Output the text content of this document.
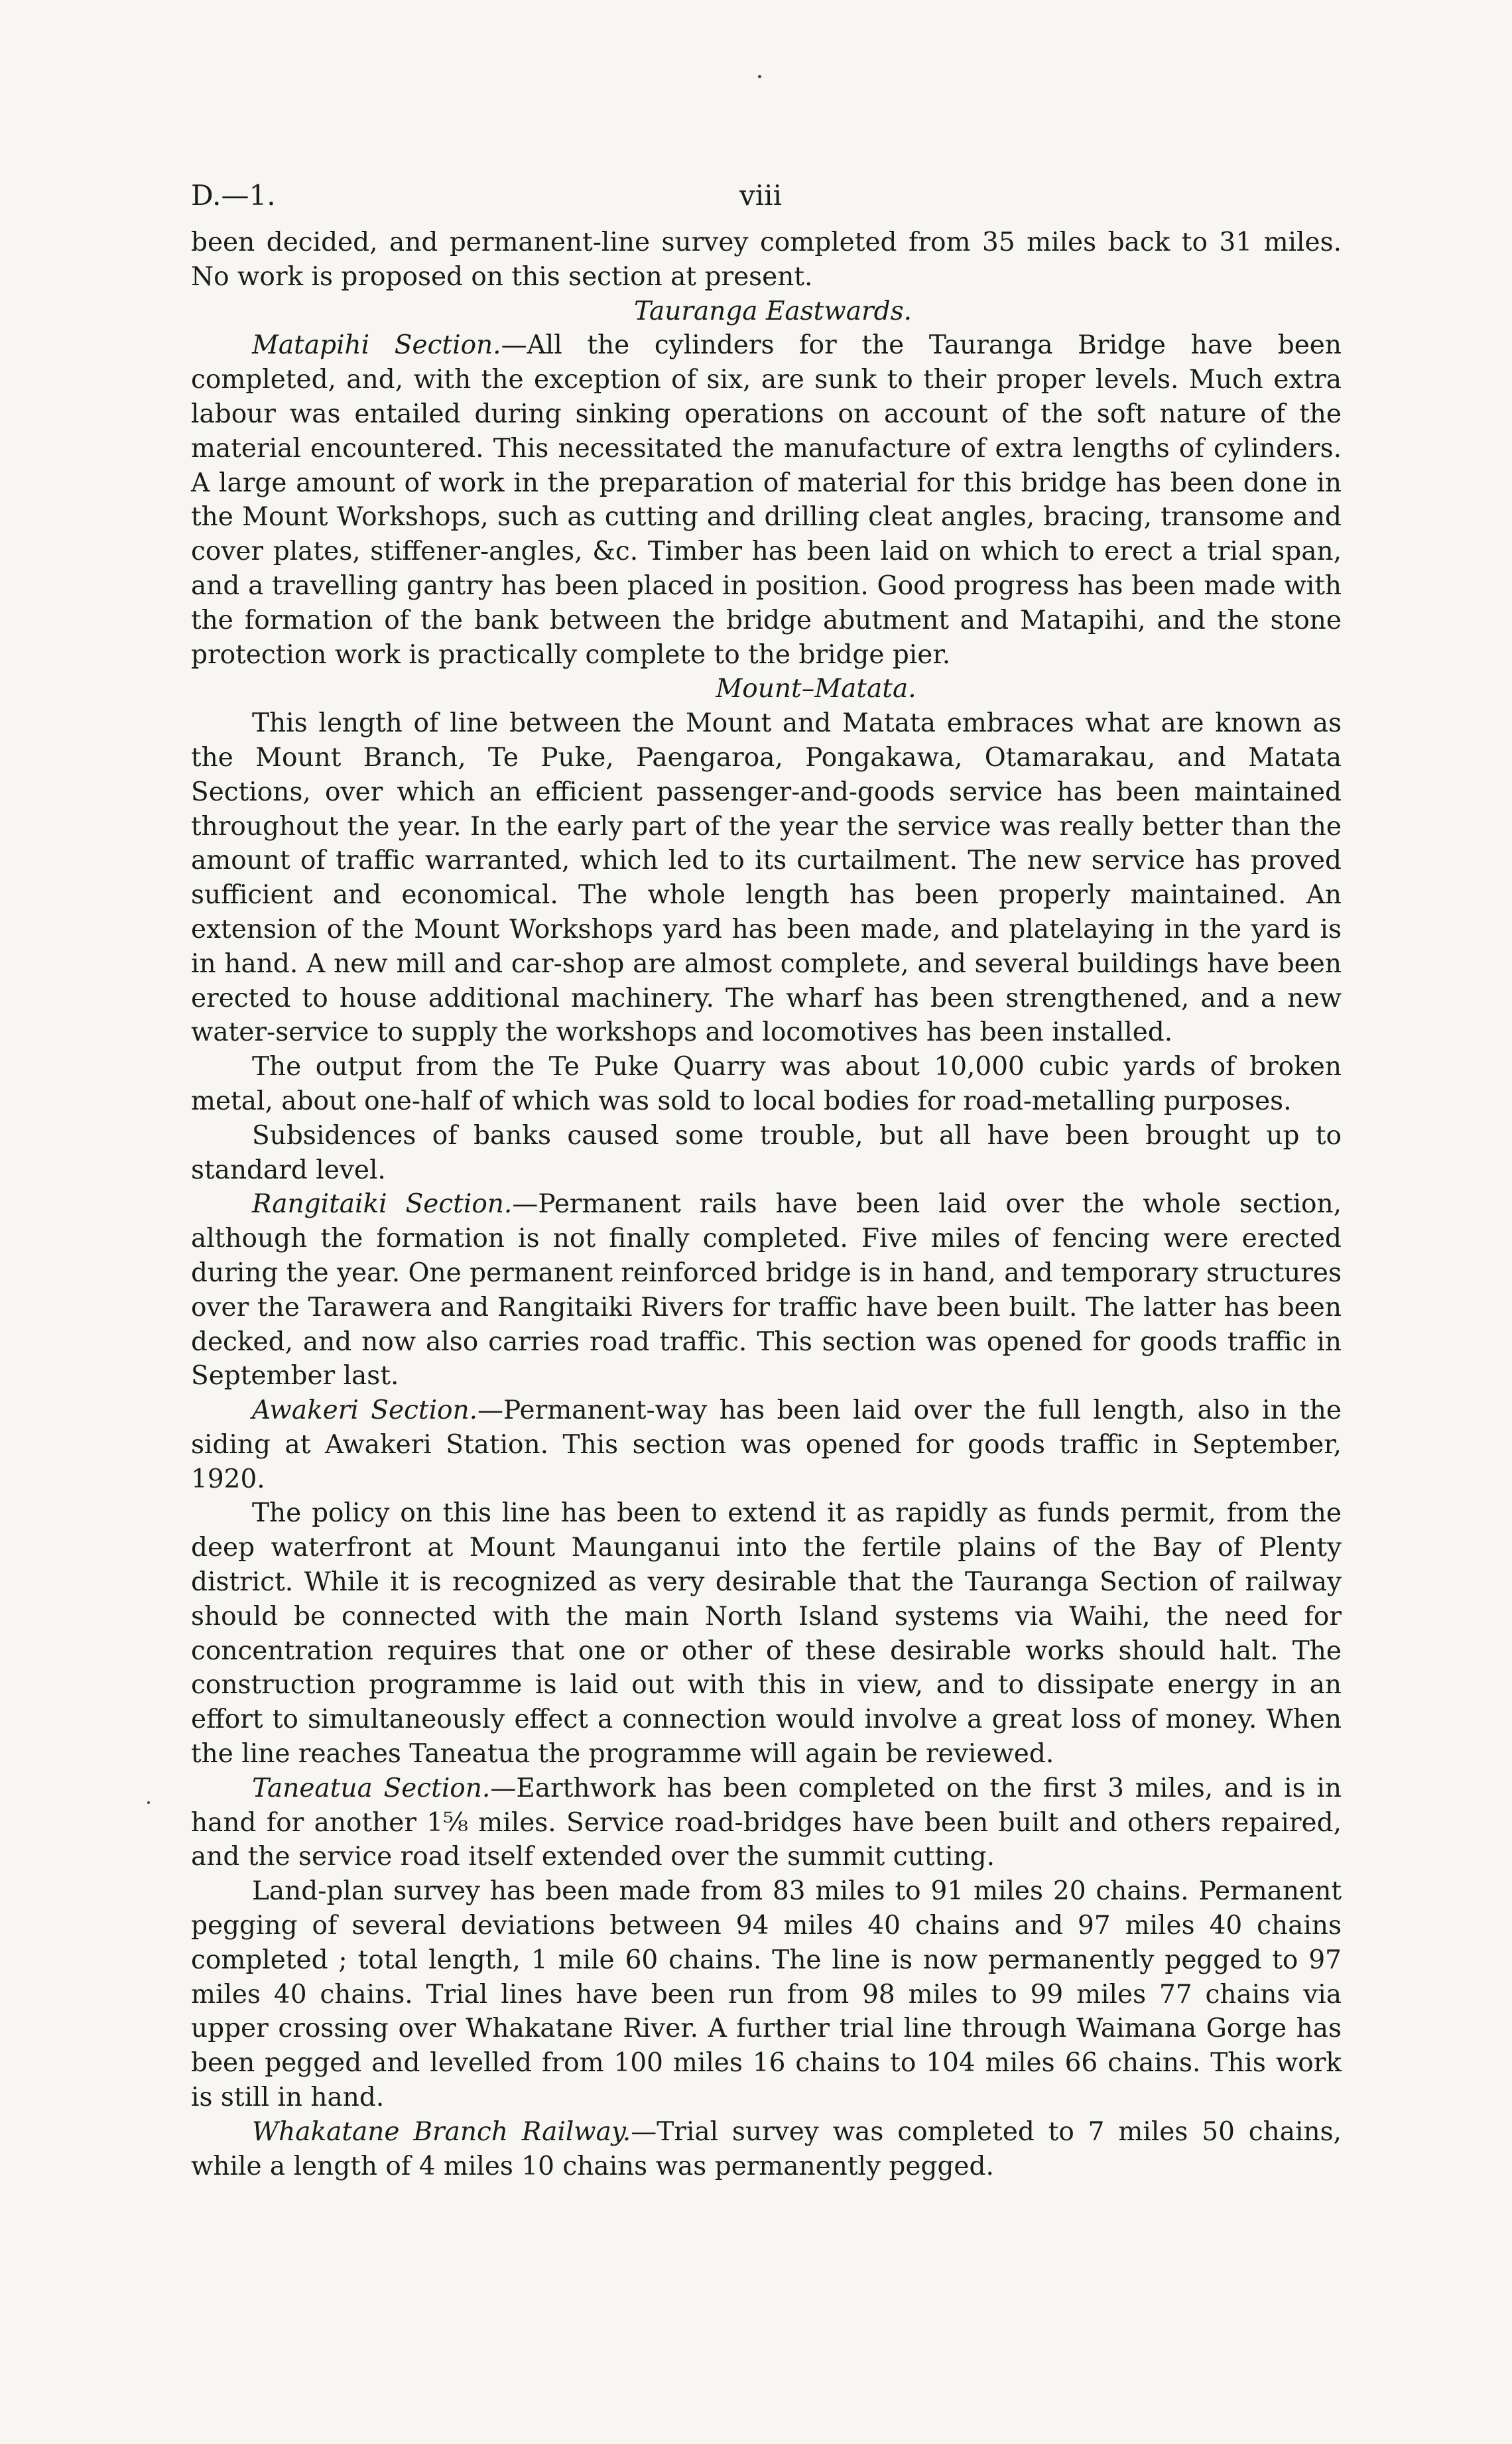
D.—1.	viii

been decided, and permanent-line survey completed from 35 miles back to 31 miles. No work is proposed on this section at present.

Tauranga Eastwards.

Matapihi Section.—All the cylinders for the Tauranga Bridge have been completed, and, with the exception of six, are sunk to their proper levels. Much extra labour was entailed during sinking operations on account of the soft nature of the material encountered. This necessitated the manufacture of extra lengths of cylinders. A large amount of work in the preparation of material for this bridge has been done in the Mount Workshops, such as cutting and drilling cleat angles, bracing, transome and cover plates, stiffener-angles, &c. Timber has been laid on which to erect a trial span, and a travelling gantry has been placed in position. Good progress has been made with the formation of the bank between the bridge abutment and Matapihi, and the stone protection work is practically complete to the bridge pier.

Mount–Matata.

This length of line between the Mount and Matata embraces what are known as the Mount Branch, Te Puke, Paengaroa, Pongakawa, Otamarakau, and Matata Sections, over which an efficient passenger-and-goods service has been maintained throughout the year. In the early part of the year the service was really better than the amount of traffic warranted, which led to its curtailment. The new service has proved sufficient and economical. The whole length has been properly maintained. An extension of the Mount Workshops yard has been made, and platelaying in the yard is in hand. A new mill and car-shop are almost complete, and several buildings have been erected to house additional machinery. The wharf has been strengthened, and a new water-service to supply the workshops and locomotives has been installed.

The output from the Te Puke Quarry was about 10,000 cubic yards of broken metal, about one-half of which was sold to local bodies for road-metalling purposes.

Subsidences of banks caused some trouble, but all have been brought up to standard level.

Rangitaiki Section.—Permanent rails have been laid over the whole section, although the formation is not finally completed. Five miles of fencing were erected during the year. One permanent reinforced bridge is in hand, and temporary structures over the Tarawera and Rangitaiki Rivers for traffic have been built. The latter has been decked, and now also carries road traffic. This section was opened for goods traffic in September last.

Awakeri Section.—Permanent-way has been laid over the full length, also in the siding at Awakeri Station. This section was opened for goods traffic in September, 1920.

The policy on this line has been to extend it as rapidly as funds permit, from the deep waterfront at Mount Maunganui into the fertile plains of the Bay of Plenty district. While it is recognized as very desirable that the Tauranga Section of railway should be connected with the main North Island systems via Waihi, the need for concentration requires that one or other of these desirable works should halt. The construction programme is laid out with this in view, and to dissipate energy in an effort to simultaneously effect a connection would involve a great loss of money. When the line reaches Taneatua the programme will again be reviewed.

Taneatua Section.—Earthwork has been completed on the first 3 miles, and is in hand for another 1⅝ miles. Service road-bridges have been built and others repaired, and the service road itself extended over the summit cutting.

Land-plan survey has been made from 83 miles to 91 miles 20 chains. Permanent pegging of several deviations between 94 miles 40 chains and 97 miles 40 chains completed ; total length, 1 mile 60 chains. The line is now permanently pegged to 97 miles 40 chains. Trial lines have been run from 98 miles to 99 miles 77 chains via upper crossing over Whakatane River. A further trial line through Waimana Gorge has been pegged and levelled from 100 miles 16 chains to 104 miles 66 chains. This work is still in hand.

Whakatane Branch Railway.—Trial survey was completed to 7 miles 50 chains, while a length of 4 miles 10 chains was permanently pegged.
